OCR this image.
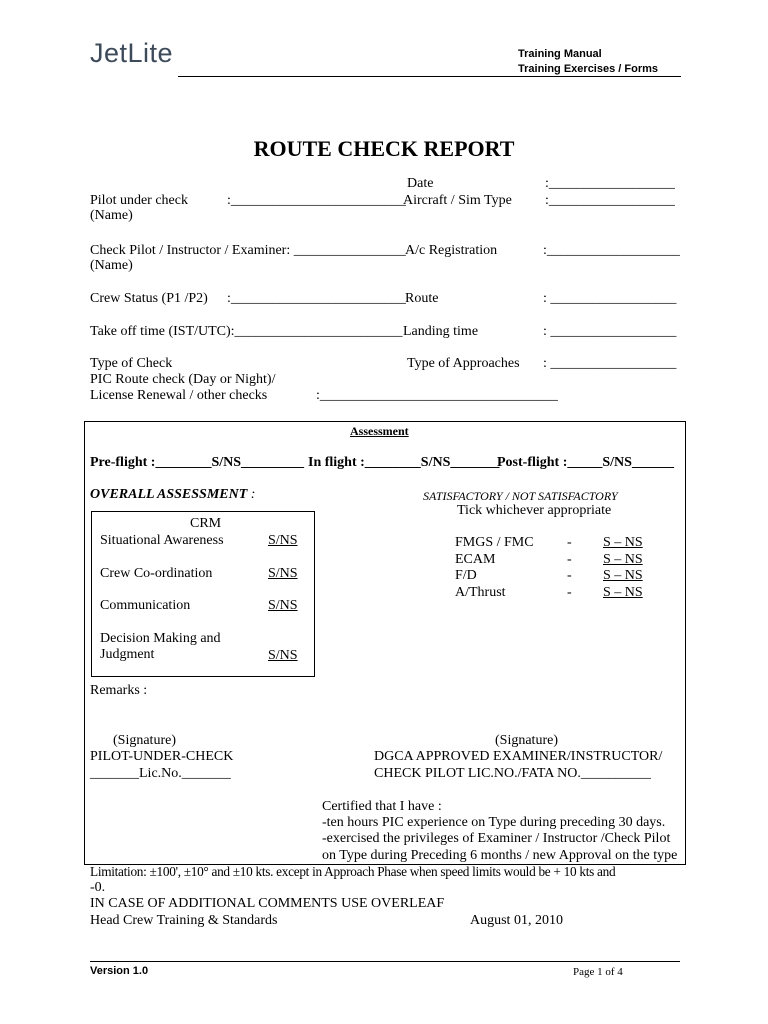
JetLite	Training Manual
Training Exercises / Forms
ROUTE CHECK REPORT
Date	:__________________
Pilot under check	:_________________________
Aircraft / Sim Type :__________________
(Name)
Check Pilot / Instructor / Examiner: ________________ A/c Registration	:___________________
(Name)
Crew Status (P1 /P2) :_________________________ Route	: __________________
Take off time (IST/UTC):________________________ Landing time	: __________________
Type of Check	Type of Approaches : __________________
PIC Route check (Day or Night)/
License Renewal / other checks	:__________________________________
Assessment
Pre-flight :________S/NS_________ In flight :________S/NS_______
Post-flight :_____S/NS______
OVERALL ASSESSMENT :	SATISFACTORY / NOT SATISFACTORY
Tick whichever appropriate
CRM
Situational Awareness	S/NS
Crew Co-ordination	S/NS
Communication	S/NS
Decision Making and
Judgment	S/NS
FMGS / FMC - S – NS
ECAM	- S – NS
F/D	- S – NS
A/Thrust	- S – NS
Remarks :
(Signature)
PILOT-UNDER-CHECK
_______Lic.No._______
(Signature)
DGCA APPROVED EXAMINER/INSTRUCTOR/
CHECK PILOT LIC.NO./FATA NO.__________
Certified that I have :
-ten hours PIC experience on Type during preceding 30 days.
-exercised the privileges of Examiner / Instructor /Check Pilot
on Type during Preceding 6 months / new Approval on the type
Limitation: ±100', ±10° and ±10 kts. except in Approach Phase when speed limits would be + 10 kts and
-0.
IN CASE OF ADDITIONAL COMMENTS USE OVERLEAF
Head Crew Training & Standards	August 01, 2010
Version 1.0	Page 1 of 4
